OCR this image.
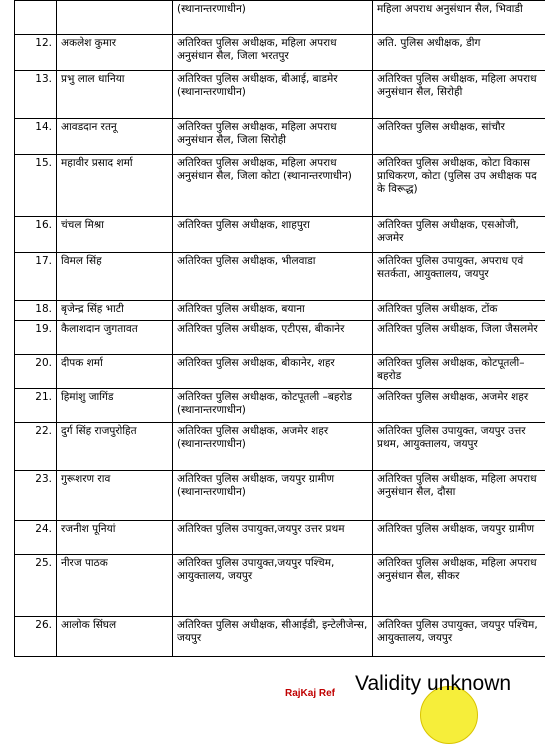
		(स्थानान्तरणाधीन)	महिला अपराध अनुसंधान सैल, भिवाडी
12.	अकलेश कुमार	अतिरिक्त पुलिस अधीक्षक, महिला अपराध अनुसंधान सैल, जिला भरतपुर	अति. पुलिस अधीक्षक, डीग
13.	प्रभु लाल धानिया	अतिरिक्त पुलिस अधीक्षक, बीआई, बाडमेर (स्थानान्तरणाधीन)	अतिरिक्त पुलिस अधीक्षक, महिला अपराध अनुसंधान सैल, सिरोही
14.	आवडदान रतनू	अतिरिक्त पुलिस अधीक्षक, महिला अपराध अनुसंधान सैल, जिला सिरोही	अतिरिक्त पुलिस अधीक्षक, सांचौर
15.	महावीर प्रसाद शर्मा	अतिरिक्त पुलिस अधीक्षक, महिला अपराध अनुसंधान सैल, जिला कोटा (स्थानान्तरणाधीन)	अतिरिक्त पुलिस अधीक्षक, कोटा विकास प्राधिकरण, कोटा (पुलिस उप अधीक्षक पद के विरूद्ध)
16.	चंचल मिश्रा	अतिरिक्त पुलिस अधीक्षक, शाहपुरा	अतिरिक्त पुलिस अधीक्षक, एसओजी, अजमेर
17.	विमल सिंह	अतिरिक्त पुलिस अधीक्षक, भीलवाडा	अतिरिक्त पुलिस उपायुक्त, अपराध एवं सतर्कता, आयुक्तालय, जयपुर
18.	बृजेन्द्र सिंह भाटी	अतिरिक्त पुलिस अधीक्षक, बयाना	अतिरिक्त पुलिस अधीक्षक, टोंक
19.	कैलाशदान जुगतावत	अतिरिक्त पुलिस अधीक्षक, एटीएस, बीकानेर	अतिरिक्त पुलिस अधीक्षक, जिला जैसलमेर
20.	दीपक शर्मा	अतिरिक्त पुलिस अधीक्षक, बीकानेर, शहर	अतिरिक्त पुलिस अधीक्षक, कोटपूतली–बहरोड
21.	हिमांशु जागिंड	अतिरिक्त पुलिस अधीक्षक, कोटपूतली –बहरोड (स्थानान्तरणाधीन)	अतिरिक्त पुलिस अधीक्षक, अजमेर शहर
22.	दुर्ग सिंह राजपुरोहित	अतिरिक्त पुलिस अधीक्षक, अजमेर शहर (स्थानान्तरणाधीन)	अतिरिक्त पुलिस उपायुक्त, जयपुर उत्तर प्रथम, आयुक्तालय, जयपुर
23.	गुरूशरण राव	अतिरिक्त पुलिस अधीक्षक, जयपुर ग्रामीण (स्थानान्तरणाधीन)	अतिरिक्त पुलिस अधीक्षक, महिला अपराध अनुसंधान सैल, दौसा
24.	रजनीश पूनियां	अतिरिक्त पुलिस उपायुक्त,जयपुर उत्तर प्रथम	अतिरिक्त पुलिस अधीक्षक, जयपुर ग्रामीण
25.	नीरज पाठक	अतिरिक्त पुलिस उपायुक्त,जयपुर पश्चिम, आयुक्तालय, जयपुर	अतिरिक्त पुलिस अधीक्षक, महिला अपराध अनुसंधान सैल, सीकर
26.	आलोक सिंघल	अतिरिक्त पुलिस अधीक्षक, सीआईडी, इन्टेलीजेन्स, जयपुर	अतिरिक्त पुलिस उपायुक्त, जयपुर पश्चिम, आयुक्तालय, जयपुर
RajKaj Ref Validity unknown
